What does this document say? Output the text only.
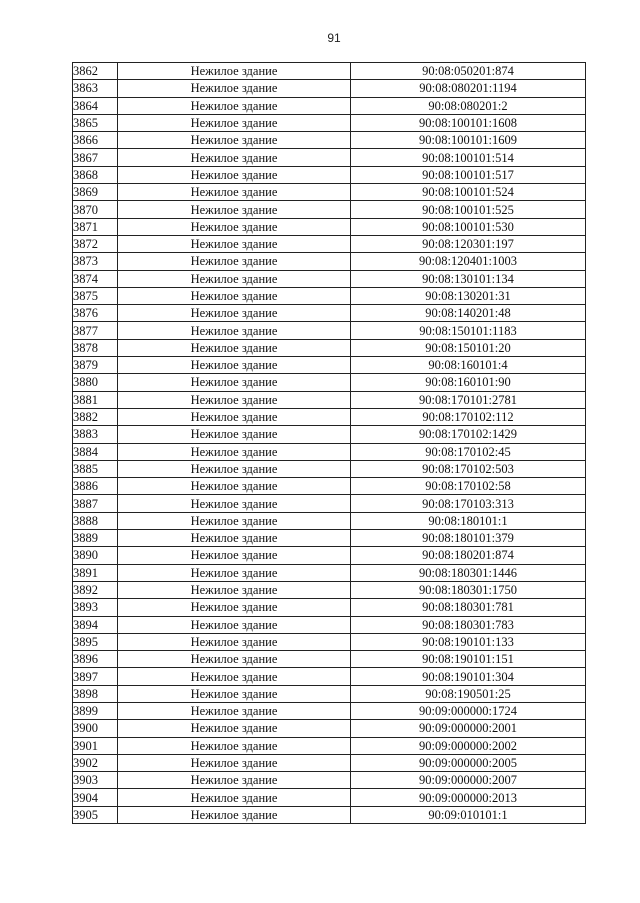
91
3862	Нежилое здание	90:08:050201:874
3863	Нежилое здание	90:08:080201:1194
3864	Нежилое здание	90:08:080201:2
3865	Нежилое здание	90:08:100101:1608
3866	Нежилое здание	90:08:100101:1609
3867	Нежилое здание	90:08:100101:514
3868	Нежилое здание	90:08:100101:517
3869	Нежилое здание	90:08:100101:524
3870	Нежилое здание	90:08:100101:525
3871	Нежилое здание	90:08:100101:530
3872	Нежилое здание	90:08:120301:197
3873	Нежилое здание	90:08:120401:1003
3874	Нежилое здание	90:08:130101:134
3875	Нежилое здание	90:08:130201:31
3876	Нежилое здание	90:08:140201:48
3877	Нежилое здание	90:08:150101:1183
3878	Нежилое здание	90:08:150101:20
3879	Нежилое здание	90:08:160101:4
3880	Нежилое здание	90:08:160101:90
3881	Нежилое здание	90:08:170101:2781
3882	Нежилое здание	90:08:170102:112
3883	Нежилое здание	90:08:170102:1429
3884	Нежилое здание	90:08:170102:45
3885	Нежилое здание	90:08:170102:503
3886	Нежилое здание	90:08:170102:58
3887	Нежилое здание	90:08:170103:313
3888	Нежилое здание	90:08:180101:1
3889	Нежилое здание	90:08:180101:379
3890	Нежилое здание	90:08:180201:874
3891	Нежилое здание	90:08:180301:1446
3892	Нежилое здание	90:08:180301:1750
3893	Нежилое здание	90:08:180301:781
3894	Нежилое здание	90:08:180301:783
3895	Нежилое здание	90:08:190101:133
3896	Нежилое здание	90:08:190101:151
3897	Нежилое здание	90:08:190101:304
3898	Нежилое здание	90:08:190501:25
3899	Нежилое здание	90:09:000000:1724
3900	Нежилое здание	90:09:000000:2001
3901	Нежилое здание	90:09:000000:2002
3902	Нежилое здание	90:09:000000:2005
3903	Нежилое здание	90:09:000000:2007
3904	Нежилое здание	90:09:000000:2013
3905	Нежилое здание	90:09:010101:1
